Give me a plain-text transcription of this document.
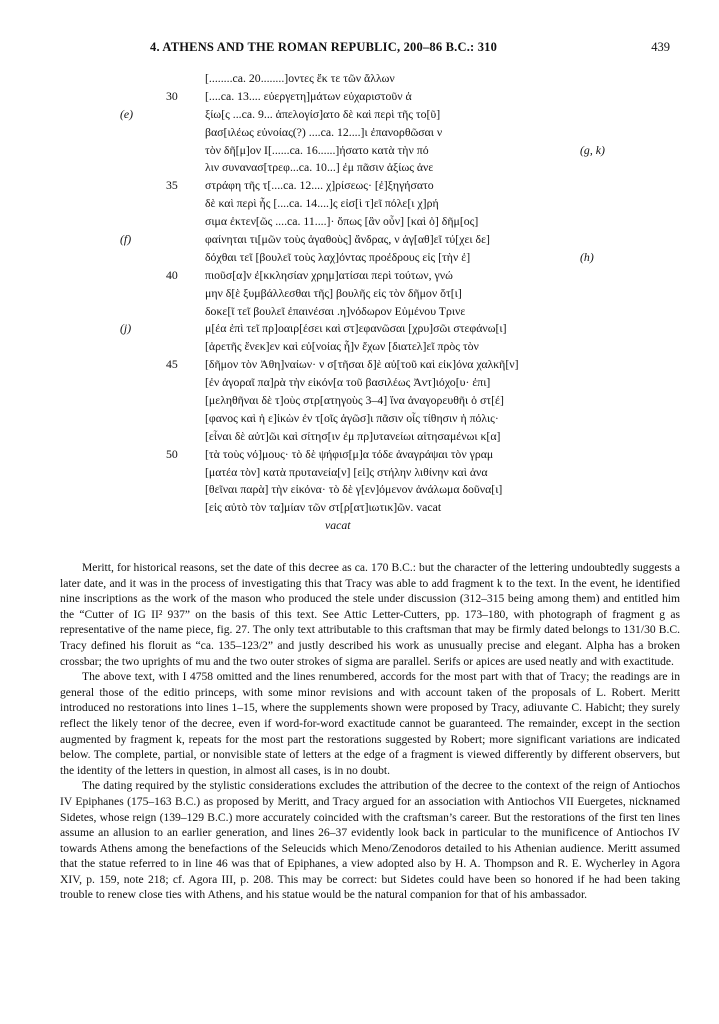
4. ATHENS AND THE ROMAN REPUBLIC, 200–86 B.C.: 310	439
[........ca. 20........]οντες ἔκ τε τῶν ἄλλων
30	[....ca. 13.... εὐεργετη]μάτων εὐχαριστοῦν ἀ
(e)	ξίω[ς ...ca. 9... ἀπελογίσ]ατο δὲ καὶ περὶ τῆς το[ῦ]
βασ[ιλέως εὐνοίας(?) ....ca. 12....]ι ἐπανορθῶσαι ν
τὸν δῆ[μ]ον Ι[......ca. 16......]ήσατο κατὰ τὴν πό	(g, k)
λιν συνανασ[τρεφ...ca. 10...] ἐμ πᾶσιν ἀξίως ἀνε
35	στράφη τῆς τ[....ca. 12.... χ]ρίσεως· [ἐ]ξηγήσατο
δὲ καὶ περὶ ἧς [....ca. 14....]ς εἰσ[ὶ τ]εῖ πόλε[ι χ]ρή
σιμα ἐκτεν[ῶς ....ca. 11....]· ὅπως [ἂν οὖν] [καὶ ὁ] δῆμ[ος]
(f)	φαίνηται τι[μῶν τοὺς ἀγαθοὺς] ἄνδρας, ν ἀγ[αθ]εῖ τύ[χει δε]
δόχθαι τεῖ [βουλεῖ τοὺς λαχ]όντας προέδρους εἰς [τὴν ἐ]	(h)
40	πιοῦσ[α]ν ἐ[κκλησίαν χρημ]ατίσαι περὶ τούτων, γνώ
μην δ[ὲ ξυμβάλλεσθαι τῆς] βουλῆς εἰς τὸν δῆμον ὅτ[ι]
δοκε[ῖ τεῖ βουλεῖ ἐπαινέσαι .η]νόδωρον Εὐμένου Τρινε
(j)	μ[έα ἐπὶ τεῖ πρ]οαιρ[έσει καὶ στ]εφανῶσαι [χρυ]σῶι στεφάνω[ι]
[ἀρετῆς ἕνεκ]εν καὶ εὐ[νοίας ἧ]ν ἔχων [διατελ]εῖ πρὸς τὸν
45	[δῆμον τὸν Ἀθη]ναίων· ν σ[τῆσαι δ]ὲ αὐ[τοῦ καὶ εἰκ]όνα χαλκῆ[ν]
[ἐν ἀγοραῖ πα]ρὰ τὴν εἰκόν[α τοῦ βασιλέως Ἀντ]ιόχο[υ· ἐπι]
[μεληθῆναι δὲ τ]οὺς στρ[ατηγοὺς 3–4] ἵνα ἀναγορευθῆι ὁ στ[έ]
[φανος καὶ ἡ ε]ἰκὼν ἐν τ[οῖς ἀγῶσ]ι πᾶσιν οἷς τίθησιν ἡ πόλις·
[εἶναι δὲ αὐτ]ῶι καὶ σίτησ[ιν ἐμ πρ]υτανείωι αἰτησαμένωι κ[α]
50	[τὰ τοὺς νό]μους· τὸ δὲ ψήφισ[μ]α τόδε ἀναγράψαι τὸν γραμ
[ματέα τὸν] κατὰ πρυτανεία[ν] [εἰ]ς στήλην λιθίνην καὶ ἀνα
[θεῖναι παρὰ] τὴν εἰκόνα· τὸ δὲ γ[εν]όμενον ἀνάλωμα δοῦνα[ι]
[εἰς αὐτὸ τὸν τα]μίαν τῶν στ[ρ[ατ]ιωτικ]ῶν. vacat
vacat

Meritt, for historical reasons, set the date of this decree as ca. 170 B.C.: but the character of the lettering undoubtedly suggests a later date, and it was in the process of investigating this that Tracy was able to add fragment k to the text. In the event, he identified nine inscriptions as the work of the mason who produced the stele under discussion (312–315 being among them) and entitled him the “Cutter of IG II² 937” on the basis of this text. See Attic Letter-Cutters, pp. 173–180, with photograph of fragment g as representative of the name piece, fig. 27. The only text attributable to this craftsman that may be firmly dated belongs to 131/30 B.C. Tracy defined his floruit as “ca. 135–123/2” and justly described his work as unusually precise and elegant. Alpha has a broken crossbar; the two uprights of mu and the two outer strokes of sigma are parallel. Serifs or apices are used neatly and with exactitude.

The above text, with I 4758 omitted and the lines renumbered, accords for the most part with that of Tracy; the readings are in general those of the editio princeps, with some minor revisions and with account taken of the proposals of L. Robert. Meritt introduced no restorations into lines 1–15, where the supplements shown were proposed by Tracy, adiuvante C. Habicht; they surely reflect the likely tenor of the decree, even if word-for-word exactitude cannot be guaranteed. The remainder, except in the section augmented by fragment k, repeats for the most part the restorations suggested by Robert; more significant variations are indicated below. The complete, partial, or nonvisible state of letters at the edge of a fragment is viewed differently by different observers, but the identity of the letters in question, in almost all cases, is in no doubt.

The dating required by the stylistic considerations excludes the attribution of the decree to the context of the reign of Antiochos IV Epiphanes (175–163 B.C.) as proposed by Meritt, and Tracy argued for an association with Antiochos VII Euergetes, nicknamed Sidetes, whose reign (139–129 B.C.) more accurately coincided with the craftsman’s career. But the restorations of the first ten lines assume an allusion to an earlier generation, and lines 26–37 evidently look back in particular to the munificence of Antiochos IV towards Athens among the benefactions of the Seleucids which Meno/Zenodoros detailed to his Athenian audience. Meritt assumed that the statue referred to in line 46 was that of Epiphanes, a view adopted also by H. A. Thompson and R. E. Wycherley in Agora XIV, p. 159, note 218; cf. Agora III, p. 208. This may be correct: but Sidetes could have been so honored if he had been taking trouble to renew close ties with Athens, and his statue would be the natural companion for that of his ambassador.
